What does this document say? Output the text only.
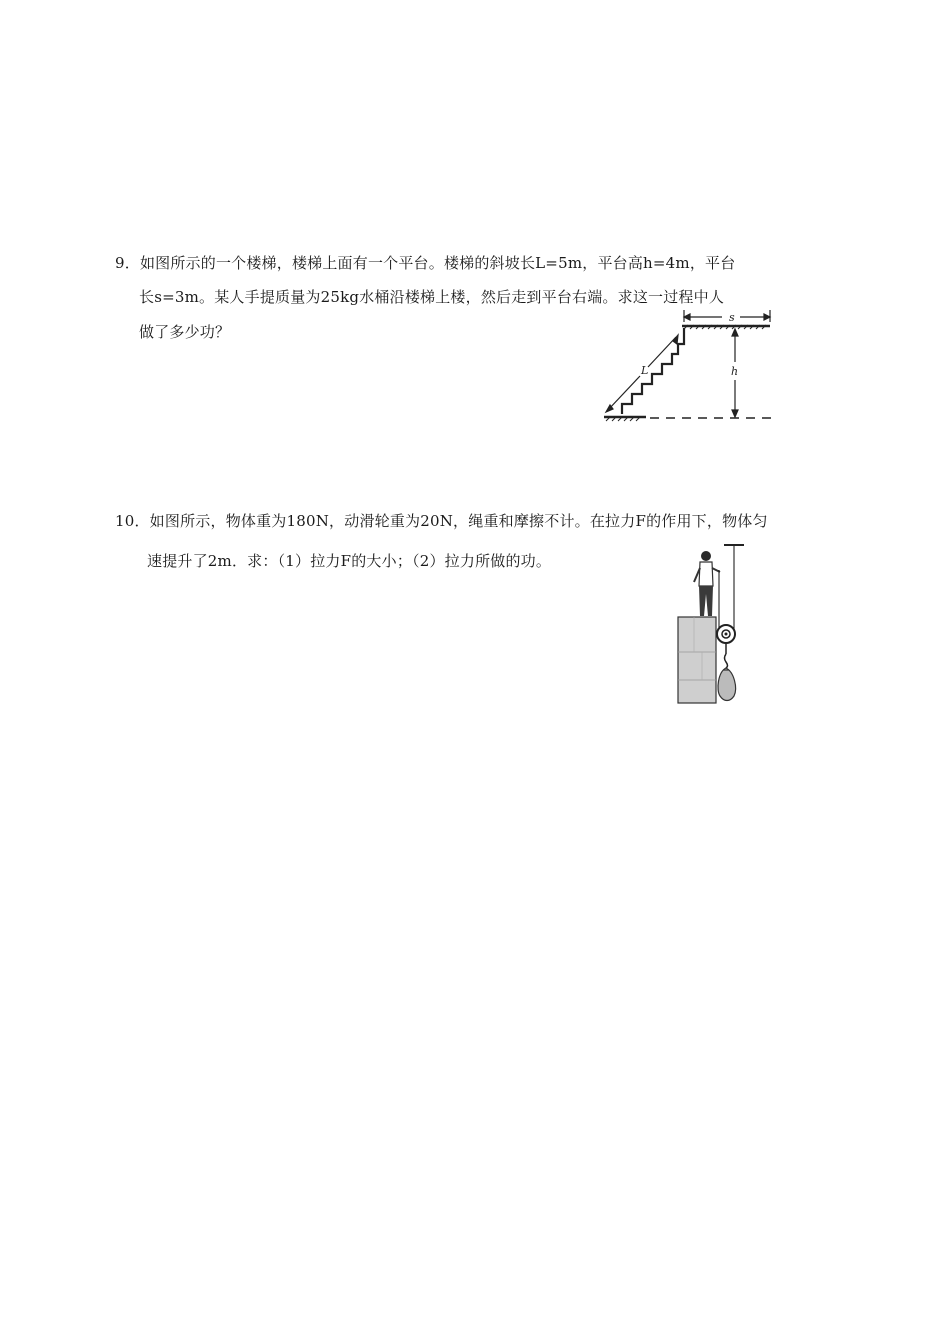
9．如图所示的一个楼梯，楼梯上面有一个平台。楼梯的斜坡长L=5m，平台高h=4m，平台
长s=3m。某人手提质量为25kg水桶沿楼梯上楼，然后走到平台右端。求这一过程中人
做了多少功？
s
L	h
10．如图所示，物体重为180N，动滑轮重为20N，绳重和摩擦不计。在拉力F的作用下，物体匀
速提升了2m．求：（1）拉力F的大小；（2）拉力所做的功。
